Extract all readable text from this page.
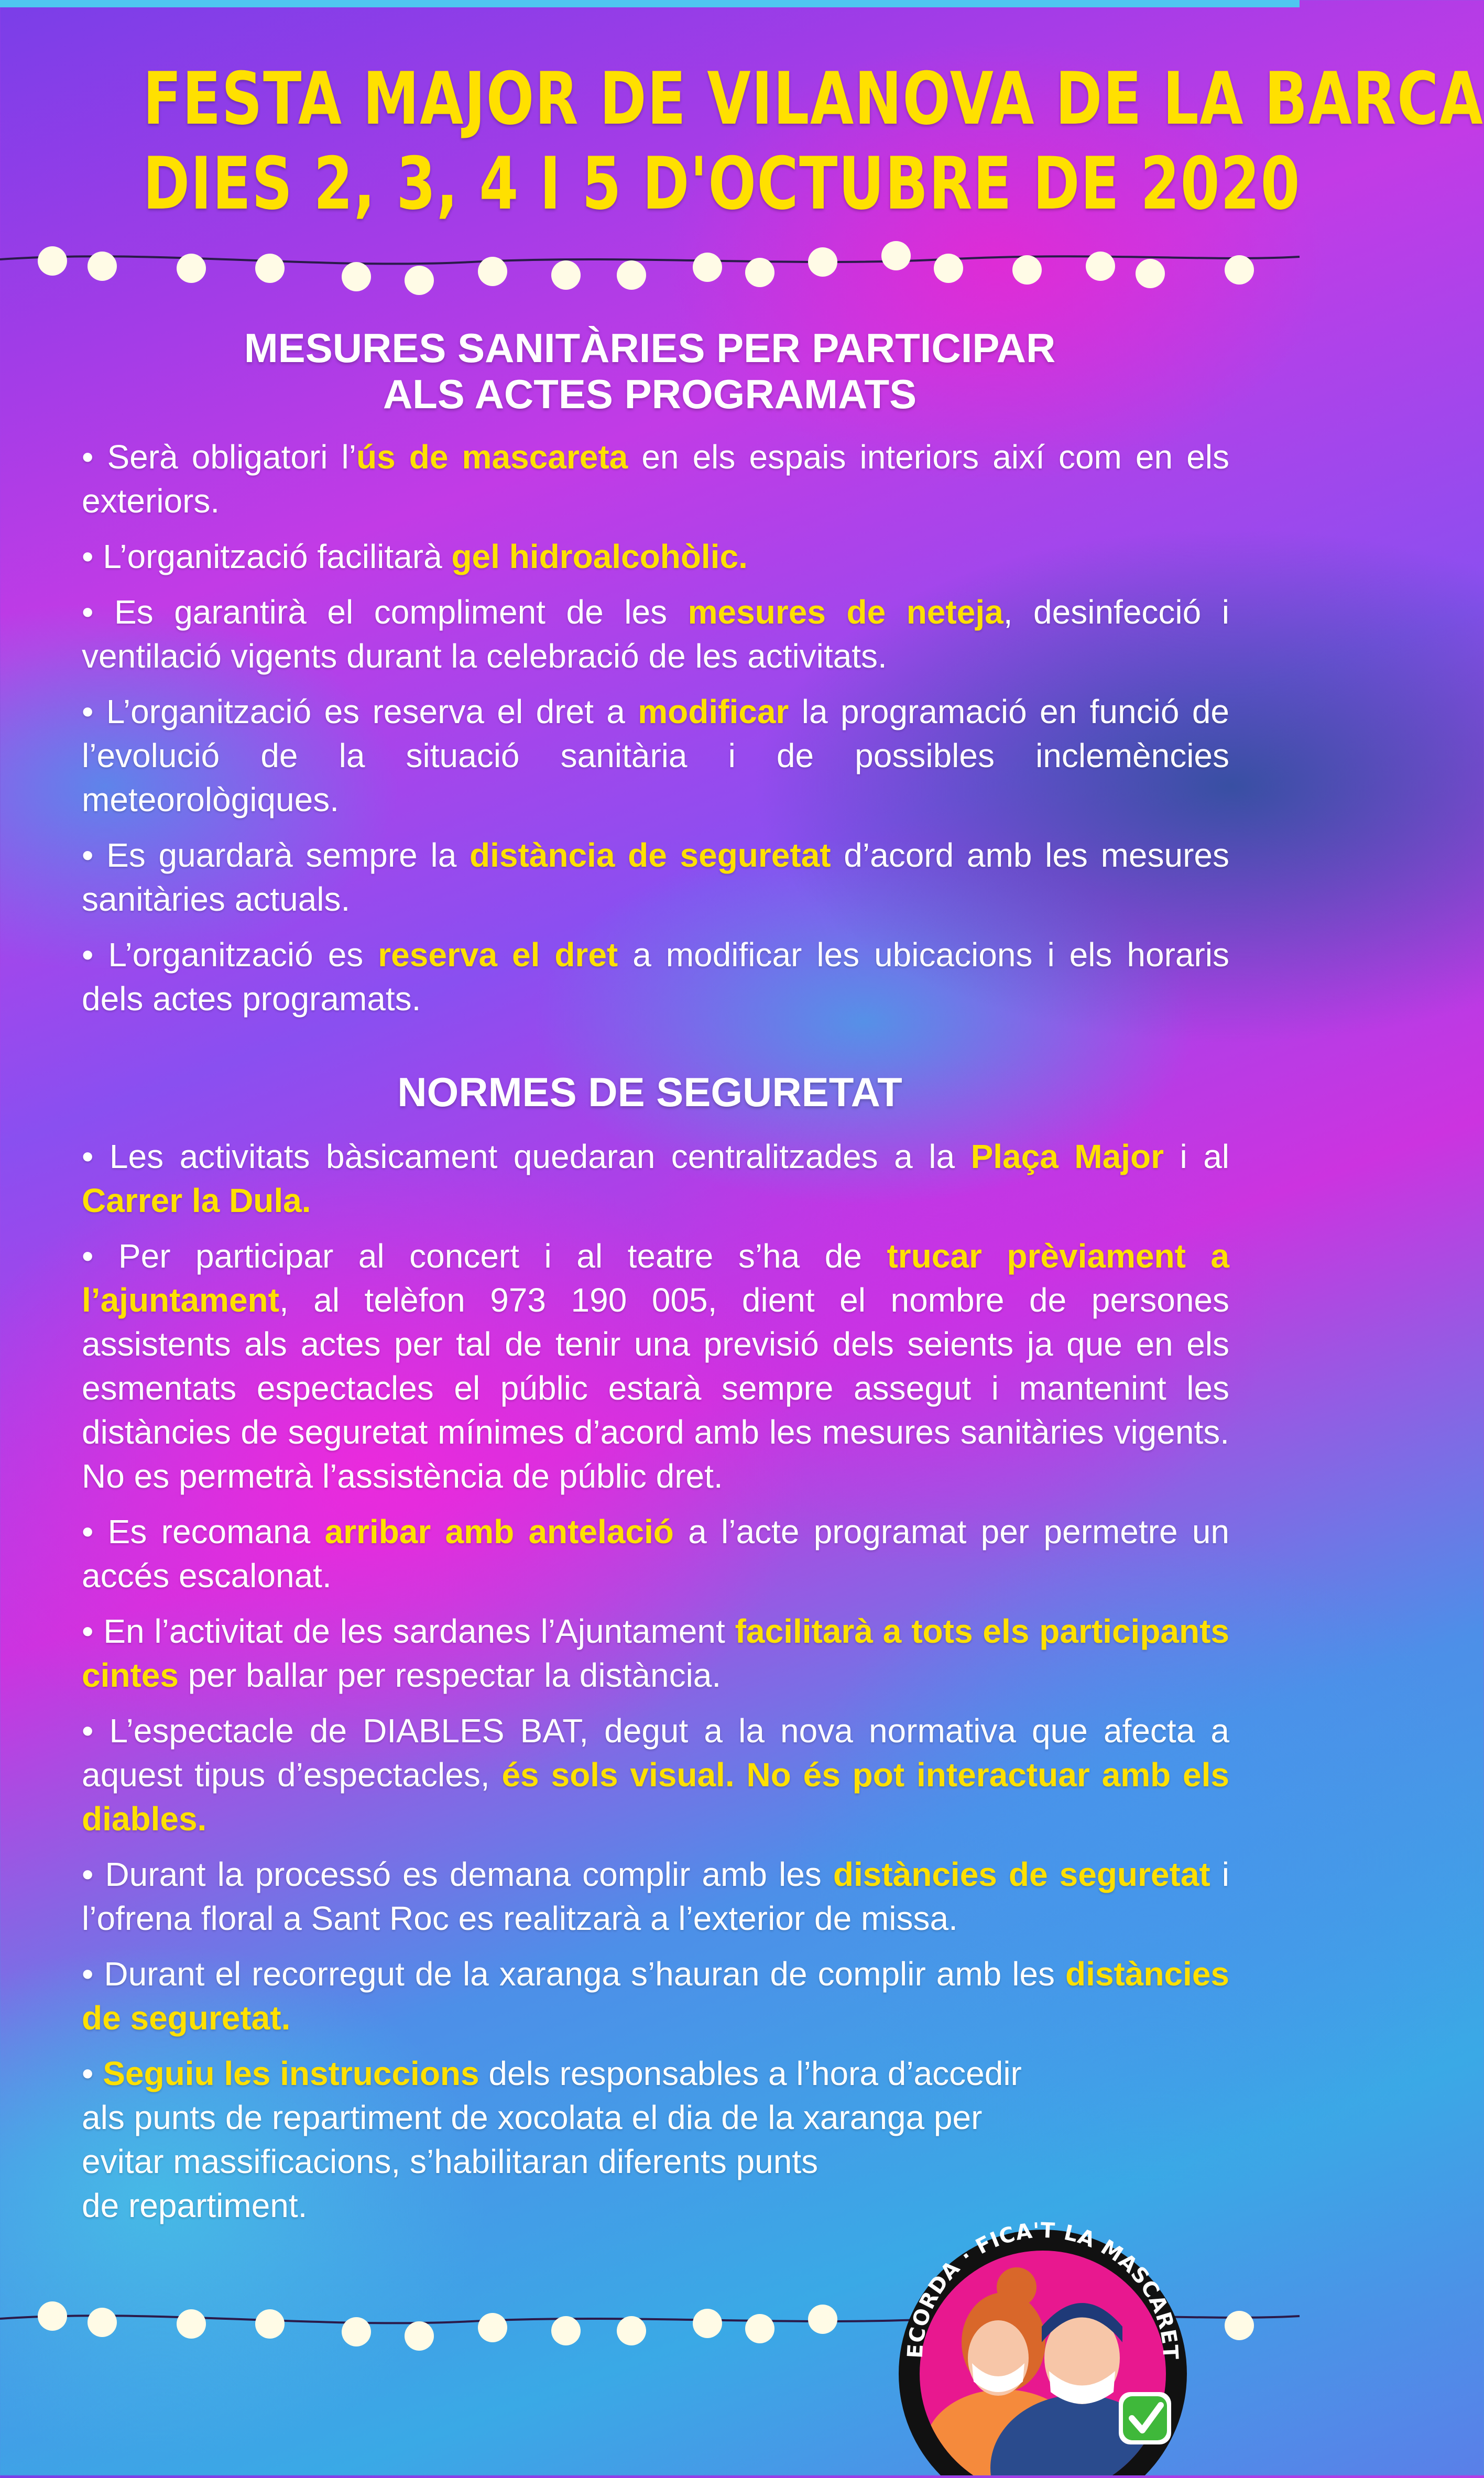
FESTA MAJOR DE VILANOVA DE LA BARCA
DIES 2, 3, 4 I 5 D'OCTUBRE DE 2020
MESURES SANITÀRIES PER PARTICIPAR
ALS ACTES PROGRAMATS

• Serà obligatori l’ús de mascareta en els espais interiors així com en els exteriors.

• L’organització facilitarà gel hidroalcohòlic.

• Es garantirà el compliment de les mesures de neteja, desinfecció i ventilació vigents durant la celebració de les activitats.

• L’organització es reserva el dret a modificar la programació en funció de l’evolució de la situació sanitària i de possibles inclemències meteorològiques.

• Es guardarà sempre la distància de seguretat d’acord amb les mesures sanitàries actuals.

• L’organització es reserva el dret a modificar les ubicacions i els horaris dels actes programats.

NORMES DE SEGURETAT

• Les activitats bàsicament quedaran centralitzades a la Plaça Major i al Carrer la Dula.

• Per participar al concert i al teatre s’ha de trucar prèviament a l’ajuntament, al telèfon 973 190 005, dient el nombre de persones assistents als actes per tal de tenir una previsió dels seients ja que en els esmentats espectacles el públic estarà sempre assegut i mantenint les distàncies de seguretat mínimes d’acord amb les mesures sanitàries vigents. No es permetrà l’assistència de públic dret.

• Es recomana arribar amb antelació a l’acte programat per permetre un accés escalonat.

• En l’activitat de les sardanes l’Ajuntament facilitarà a tots els participants cintes per ballar per respectar la distància.

• L’espectacle de DIABLES BAT, degut a la nova normativa que afecta a aquest tipus d’espectacles, és sols visual. No és pot interactuar amb els diables.

• Durant la processó es demana complir amb les distàncies de seguretat i l’ofrena floral a Sant Roc es realitzarà a l’exterior de missa.

• Durant el recorregut de la xaranga s’hauran de complir amb les distàncies de seguretat.

• Seguiu les instruccions dels responsables a l’hora d’accedir
als punts de repartiment de xocolata el dia de la xaranga per
evitar massificacions, s’habilitaran diferents punts
de repartiment.

ECORDA · FICA'T LA MASCARET
